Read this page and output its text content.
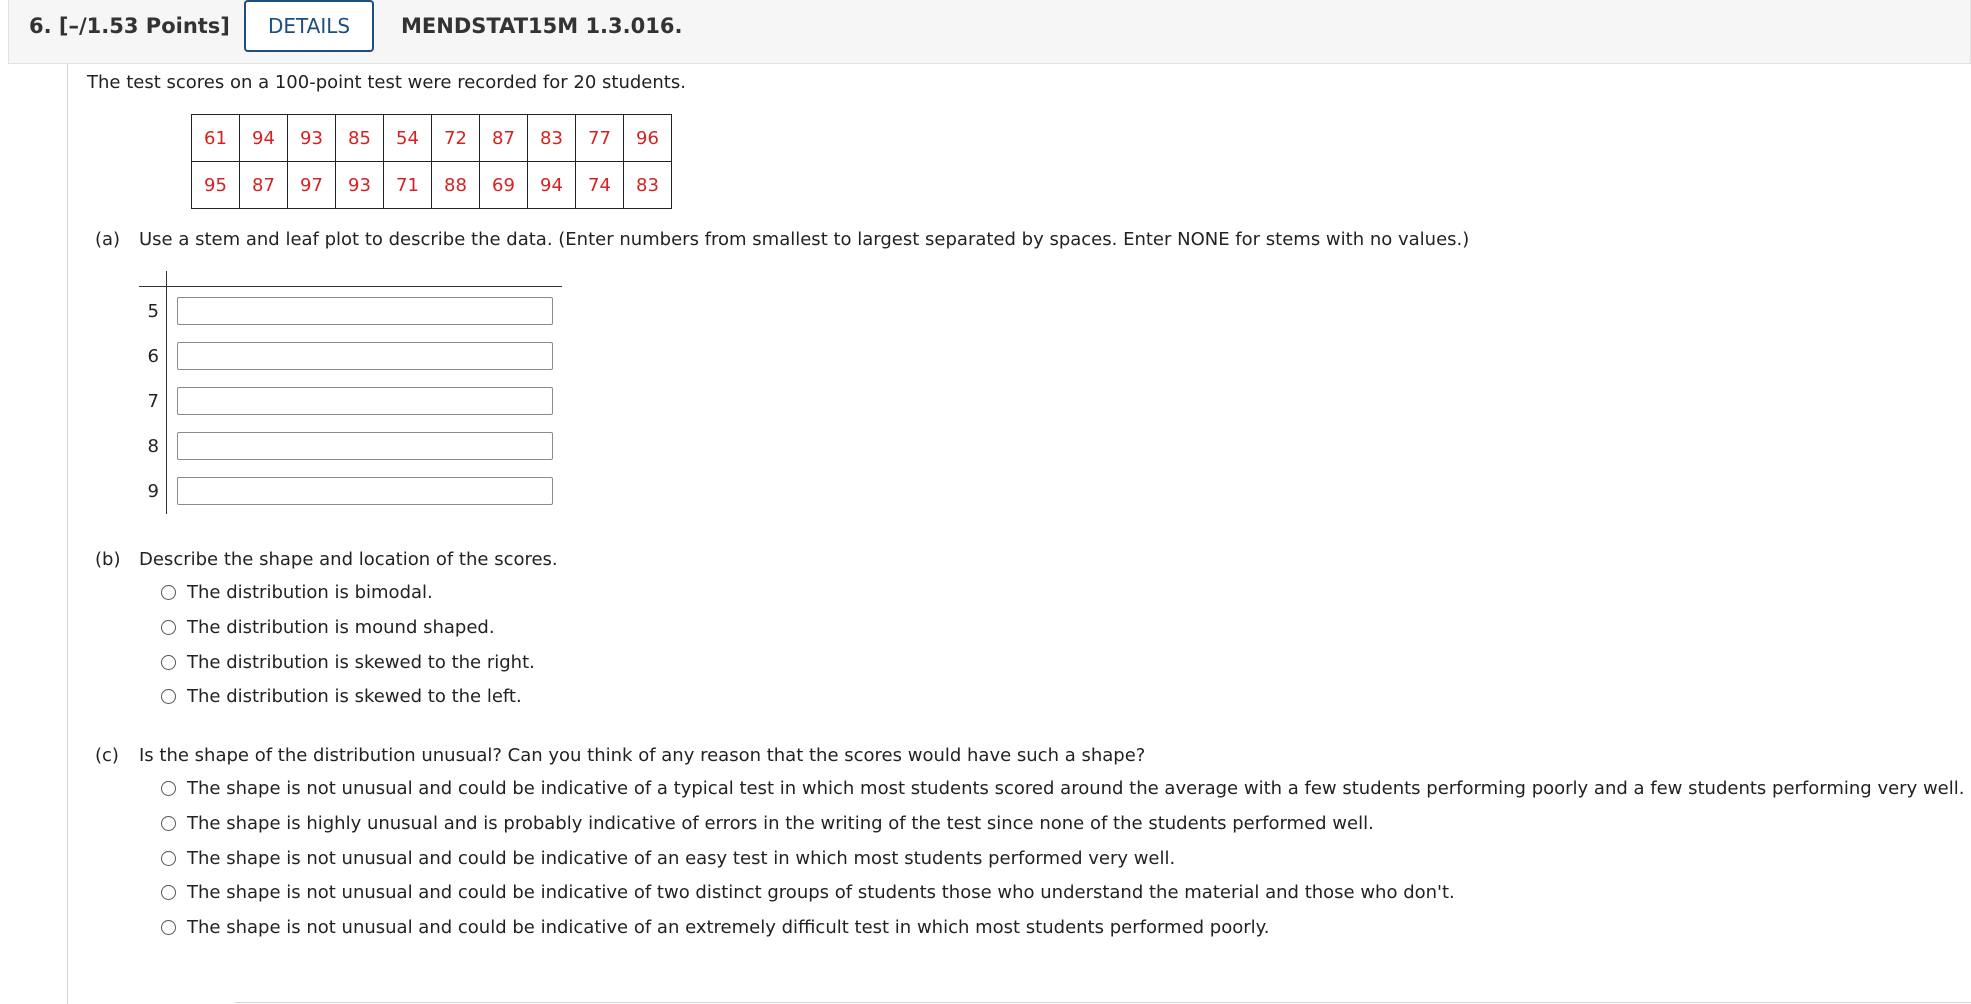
6. [–/1.53 Points]	DETAILS	MENDSTAT15M 1.3.016.
The test scores on a 100-point test were recorded for 20 students.
61	94	93	85	54	72	87	83	77	96
95	87	97	93	71	88	69	94	74	83
(a) Use a stem and leaf plot to describe the data. (Enter numbers from smallest to largest separated by spaces. Enter NONE for stems with no values.)
5
6
7
8
9
(b) Describe the shape and location of the scores.
The distribution is bimodal.
The distribution is mound shaped.
The distribution is skewed to the right.
The distribution is skewed to the left.
(c) Is the shape of the distribution unusual? Can you think of any reason that the scores would have such a shape?
The shape is not unusual and could be indicative of a typical test in which most students scored around the average with a few students performing poorly and a few students performing very well.
The shape is highly unusual and is probably indicative of errors in the writing of the test since none of the students performed well.
The shape is not unusual and could be indicative of an easy test in which most students performed very well.
The shape is not unusual and could be indicative of two distinct groups of students those who understand the material and those who don't.
The shape is not unusual and could be indicative of an extremely difficult test in which most students performed poorly.
